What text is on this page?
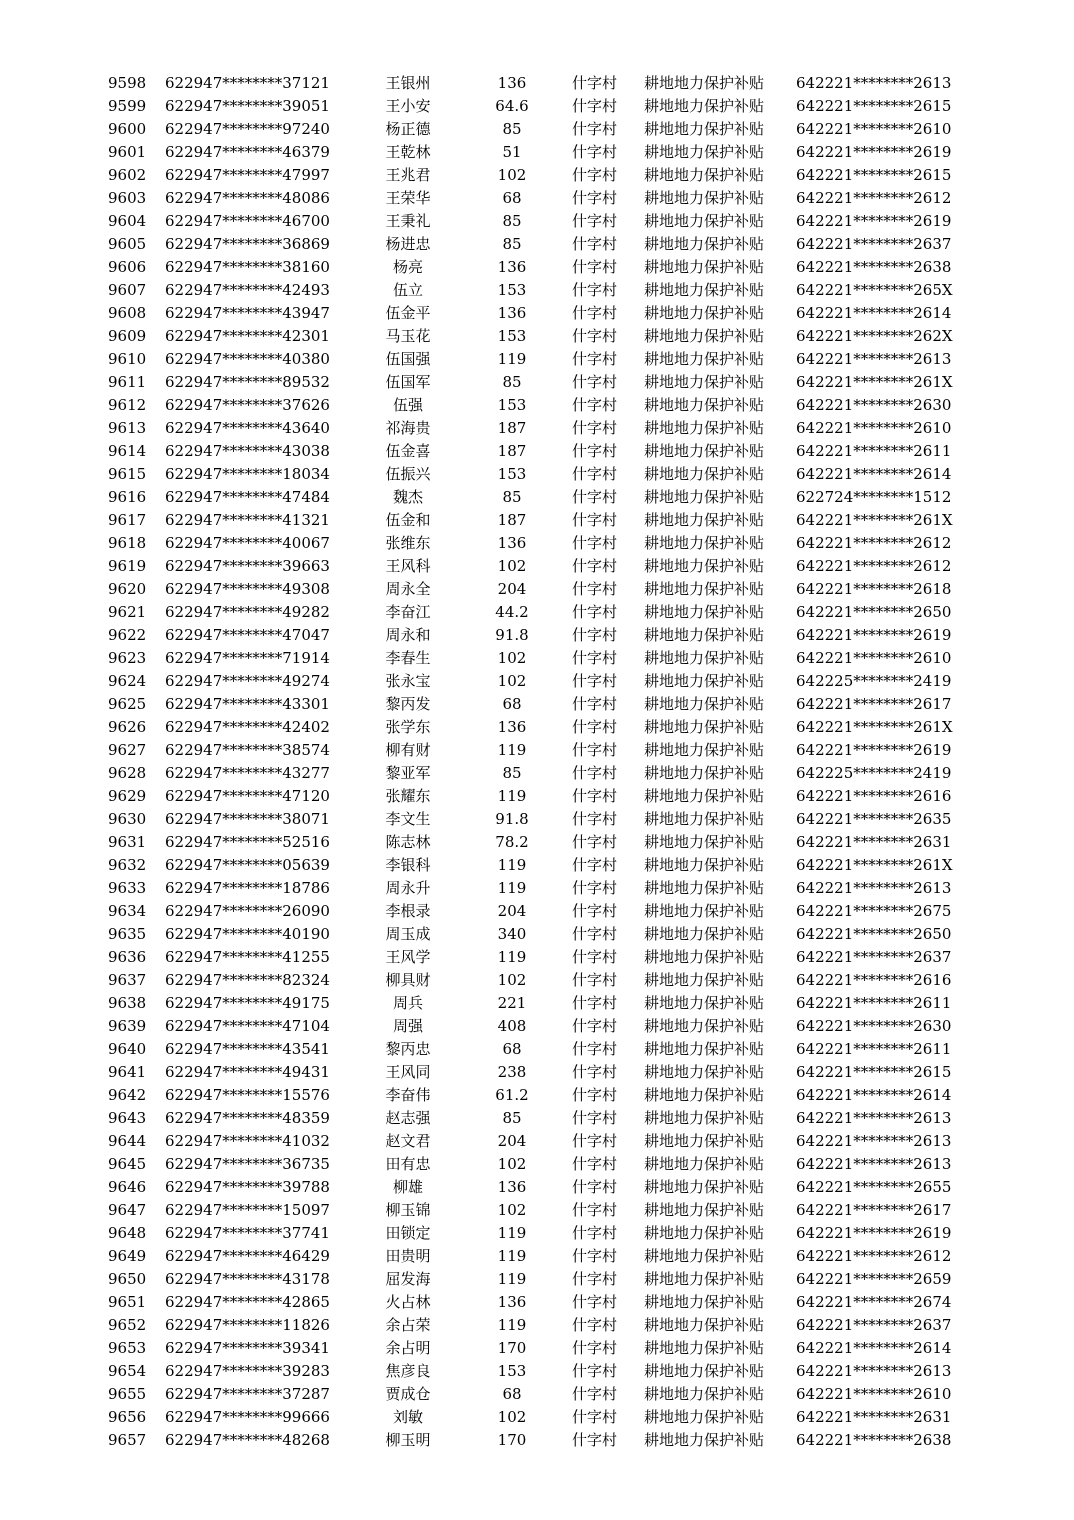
9598 622947********37121	王银州	136	什字村 耕地地力保护补贴 642221********2613
9599 622947********39051	王小安	64.6	什字村 耕地地力保护补贴 642221********2615
9600 622947********97240	杨正德	85	什字村 耕地地力保护补贴 642221********2610
9601 622947********46379	王乾林	51	什字村 耕地地力保护补贴 642221********2619
9602 622947********47997	王兆君	102	什字村 耕地地力保护补贴 642221********2615
9603 622947********48086	王荣华	68	什字村 耕地地力保护补贴 642221********2612
9604 622947********46700	王秉礼	85	什字村 耕地地力保护补贴 642221********2619
9605 622947********36869	杨进忠	85	什字村 耕地地力保护补贴 642221********2637
9606 622947********38160	杨亮	136	什字村 耕地地力保护补贴 642221********2638
9607 622947********42493	伍立	153	什字村 耕地地力保护补贴 642221********265X
9608 622947********43947	伍金平	136	什字村 耕地地力保护补贴 642221********2614
9609 622947********42301	马玉花	153	什字村 耕地地力保护补贴 642221********262X
9610 622947********40380	伍国强	119	什字村 耕地地力保护补贴 642221********2613
9611 622947********89532	伍国军	85	什字村 耕地地力保护补贴 642221********261X
9612 622947********37626	伍强	153	什字村 耕地地力保护补贴 642221********2630
9613 622947********43640	祁海贵	187	什字村 耕地地力保护补贴 642221********2610
9614 622947********43038	伍金喜	187	什字村 耕地地力保护补贴 642221********2611
9615 622947********18034	伍振兴	153	什字村 耕地地力保护补贴 642221********2614
9616 622947********47484	魏杰	85	什字村 耕地地力保护补贴 622724********1512
9617 622947********41321	伍金和	187	什字村 耕地地力保护补贴 642221********261X
9618 622947********40067	张维东	136	什字村 耕地地力保护补贴 642221********2612
9619 622947********39663	王风科	102	什字村 耕地地力保护补贴 642221********2612
9620 622947********49308	周永全	204	什字村 耕地地力保护补贴 642221********2618
9621 622947********49282	李奋江	44.2	什字村 耕地地力保护补贴 642221********2650
9622 622947********47047	周永和	91.8	什字村 耕地地力保护补贴 642221********2619
9623 622947********71914	李春生	102	什字村 耕地地力保护补贴 642221********2610
9624 622947********49274	张永宝	102	什字村 耕地地力保护补贴 642225********2419
9625 622947********43301	黎丙发	68	什字村 耕地地力保护补贴 642221********2617
9626 622947********42402	张学东	136	什字村 耕地地力保护补贴 642221********261X
9627 622947********38574	柳有财	119	什字村 耕地地力保护补贴 642221********2619
9628 622947********43277	黎亚军	85	什字村 耕地地力保护补贴 642225********2419
9629 622947********47120	张耀东	119	什字村 耕地地力保护补贴 642221********2616
9630 622947********38071	李文生	91.8	什字村 耕地地力保护补贴 642221********2635
9631 622947********52516	陈志林	78.2	什字村 耕地地力保护补贴 642221********2631
9632 622947********05639	李银科	119	什字村 耕地地力保护补贴 642221********261X
9633 622947********18786	周永升	119	什字村 耕地地力保护补贴 642221********2613
9634 622947********26090	李根录	204	什字村 耕地地力保护补贴 642221********2675
9635 622947********40190	周玉成	340	什字村 耕地地力保护补贴 642221********2650
9636 622947********41255	王风学	119	什字村 耕地地力保护补贴 642221********2637
9637 622947********82324	柳具财	102	什字村 耕地地力保护补贴 642221********2616
9638 622947********49175	周兵	221	什字村 耕地地力保护补贴 642221********2611
9639 622947********47104	周强	408	什字村 耕地地力保护补贴 642221********2630
9640 622947********43541	黎丙忠	68	什字村 耕地地力保护补贴 642221********2611
9641 622947********49431	王风同	238	什字村 耕地地力保护补贴 642221********2615
9642 622947********15576	李奋伟	61.2	什字村 耕地地力保护补贴 642221********2614
9643 622947********48359	赵志强	85	什字村 耕地地力保护补贴 642221********2613
9644 622947********41032	赵文君	204	什字村 耕地地力保护补贴 642221********2613
9645 622947********36735	田有忠	102	什字村 耕地地力保护补贴 642221********2613
9646 622947********39788	柳雄	136	什字村 耕地地力保护补贴 642221********2655
9647 622947********15097	柳玉锦	102	什字村 耕地地力保护补贴 642221********2617
9648 622947********37741	田锁定	119	什字村 耕地地力保护补贴 642221********2619
9649 622947********46429	田贵明	119	什字村 耕地地力保护补贴 642221********2612
9650 622947********43178	屈发海	119	什字村 耕地地力保护补贴 642221********2659
9651 622947********42865	火占林	136	什字村 耕地地力保护补贴 642221********2674
9652 622947********11826	余占荣	119	什字村 耕地地力保护补贴 642221********2637
9653 622947********39341	余占明	170	什字村 耕地地力保护补贴 642221********2614
9654 622947********39283	焦彦良	153	什字村 耕地地力保护补贴 642221********2613
9655 622947********37287	贾成仓	68	什字村 耕地地力保护补贴 642221********2610
9656 622947********99666	刘敏	102	什字村 耕地地力保护补贴 642221********2631
9657 622947********48268	柳玉明	170	什字村 耕地地力保护补贴 642221********2638
